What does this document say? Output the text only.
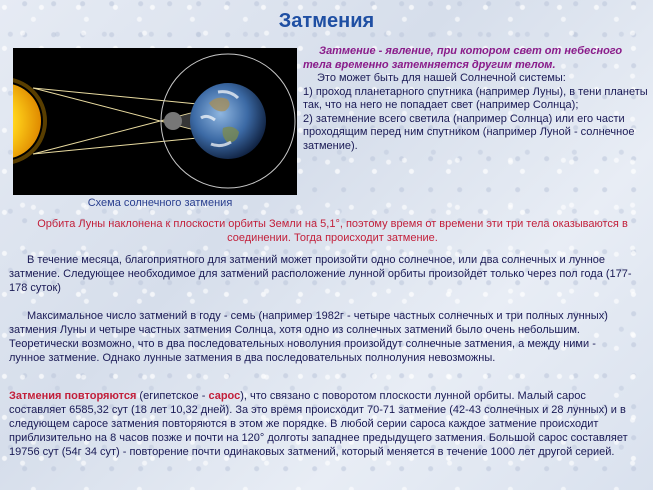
Затмения
Схема солнечного затмения
Затмение - явление, при котором свет от небесного тела временно затемняется другим телом.
Это может быть для нашей Солнечной системы:
1) проход планетарного спутника (например Луны), в тени планеты так, что на него не попадает свет (например Солнца);
2) затемнение всего светила (например Солнца) или его части проходящим перед ним спутником (например Луной - солнечное затмение).
Орбита Луны наклонена к плоскости орбиты Земли на 5,1°, поэтому время от времени эти три тела оказываются в соединении. Тогда происходит затмение.
В течение месяца, благоприятного для затмений может произойти одно солнечное, или два солнечных и лунное затмение. Следующее необходимое для затмений расположение лунной орбиты произойдет только через пол года (177-178 суток)
Максимальное число затмений в году - семь (например 1982г - четыре частных солнечных и три полных лунных) затмения Луны и четыре частных затмения Солнца, хотя одно из солнечных затмений было очень небольшим. Теоретически возможно, что в два последовательных новолуния произойдут солнечные затмения, а между ними - лунное затмение. Однако лунные затмения в два последовательных полнолуния невозможны.
Затмения повторяются (египетское - сарос), что связано с поворотом плоскости лунной орбиты. Малый сарос составляет 6585,32 сут (18 лет 10,32 дней). За это время происходит 70-71 затмение (42-43 солнечных и 28 лунных) и в следующем саросе затмения повторяются в этом же порядке. В любой серии сароса каждое затмение происходит приблизительно на 8 часов позже и почти на 120° долготы западнее предыдущего затмения. Большой сарос составляет 19756 сут (54г 34 сут) - повторение почти одинаковых затмений, который меняется в течение 1000 лет другой серией.
